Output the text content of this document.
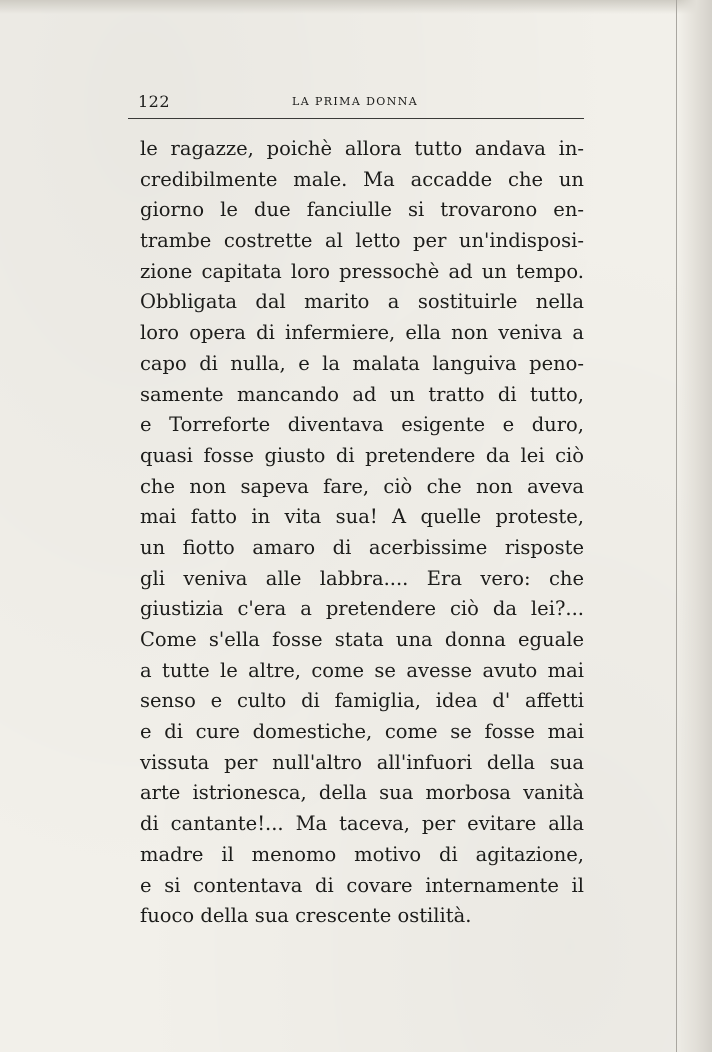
122	LA PRIMA DONNA
le ragazze, poichè allora tutto andava in-
credibilmente male. Ma accadde che un
giorno le due fanciulle si trovarono en-
trambe costrette al letto per un'indisposi-
zione capitata loro pressochè ad un tempo.
Obbligata dal marito a sostituirle nella
loro opera di infermiere, ella non veniva a
capo di nulla, e la malata languiva peno-
samente mancando ad un tratto di tutto,
e Torreforte diventava esigente e duro,
quasi fosse giusto di pretendere da lei ciò
che non sapeva fare, ciò che non aveva
mai fatto in vita sua! A quelle proteste,
un fiotto amaro di acerbissime risposte
gli veniva alle labbra.... Era vero: che
giustizia c'era a pretendere ciò da lei?...
Come s'ella fosse stata una donna eguale
a tutte le altre, come se avesse avuto mai
senso e culto di famiglia, idea d' affetti
e di cure domestiche, come se fosse mai
vissuta per null'altro all'infuori della sua
arte istrionesca, della sua morbosa vanità
di cantante!... Ma taceva, per evitare alla
madre il menomo motivo di agitazione,
e si contentava di covare internamente il
fuoco della sua crescente ostilità.
